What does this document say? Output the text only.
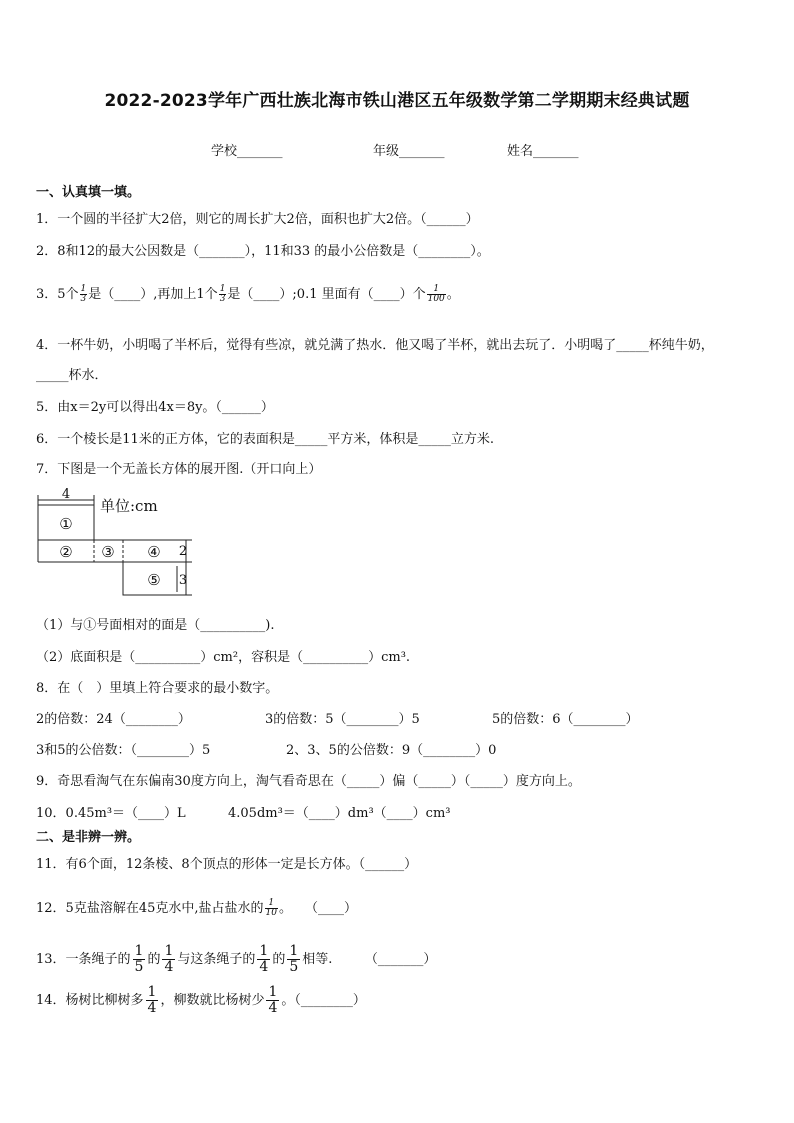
2022-2023学年广西壮族北海市铁山港区五年级数学第二学期期末经典试题
学校_______	年级_______	姓名_______
一、认真填一填。
1．一个圆的半径扩大2倍，则它的周长扩大2倍，面积也扩大2倍。（______）
2．8和12的最大公因数是（_______），11和33 的最小公倍数是（________）。
3．5个 $\frac{1}{3}$ 是（____）,再加上1个 $\frac{1}{3}$ 是（____）;0.1 里面有（____）个 $\frac{1}{100}$ 。
4．一杯牛奶，小明喝了半杯后，觉得有些凉，就兑满了热水．他又喝了半杯，就出去玩了．小明喝了_____杯纯牛奶，
_____杯水．
5．由x＝2y可以得出4x＝8y。（______）
6．一个棱长是11米的正方体，它的表面积是_____平方米，体积是_____立方米.
7．下图是一个无盖长方体的展开图.（开口向上）
4
①
② ③ ④
⑤
2
3
单位:cm
（1）与①号面相对的面是（__________).
（2）底面积是（__________）cm²，容积是（__________）cm³.
8．在（　）里填上符合要求的最小数字。
2的倍数：24（________）	3的倍数：5（________）5	5的倍数：6（________）
3和5的公倍数：（________）5	2、3、5的公倍数：9（________）0
9．奇思看淘气在东偏南30度方向上，淘气看奇思在（_____）偏（_____）（_____）度方向上。
10．0.45m³＝（____）L	4.05dm³＝（____）dm³（____）cm³
二、是非辨一辨。
11．有6个面，12条棱、8个顶点的形体一定是长方体。（______）
12．5克盐溶解在45克水中,盐占盐水的 $\frac{1}{10}$ 。　　（____）
13．一条绳子的 $\frac{1}{5}$ 的 $\frac{1}{4}$ 与这条绳子的 $\frac{1}{4}$ 的 $\frac{1}{5}$ 相等.　　　（_______）
14．杨树比柳树多 $\frac{1}{4}$ ，柳数就比杨树少 $\frac{1}{4}$ 。（________）
